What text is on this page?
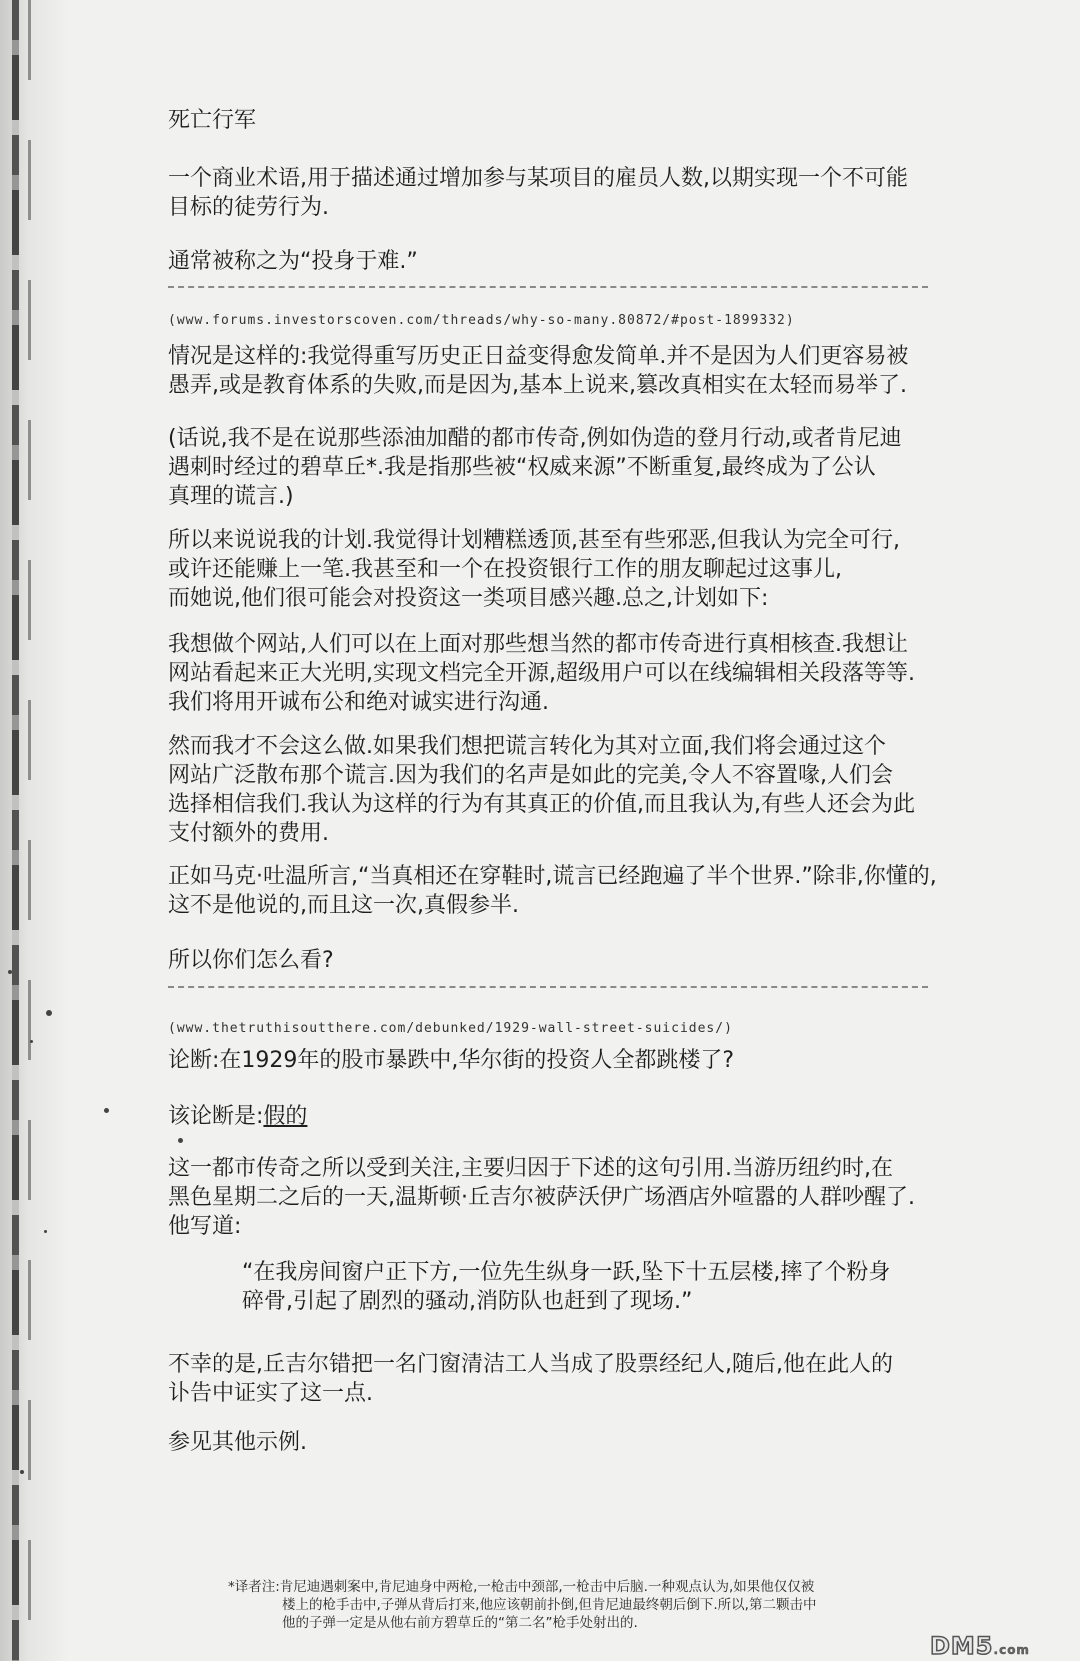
死亡行军
一个商业术语,用于描述通过增加参与某项目的雇员人数,以期实现一个不可能
目标的徒劳行为.
通常被称之为“投身于难.”
(www.forums.investorscoven.com/threads/why-so-many.80872/#post-1899332)
情况是这样的:我觉得重写历史正日益变得愈发简单.并不是因为人们更容易被
愚弄,或是教育体系的失败,而是因为,基本上说来,篡改真相实在太轻而易举了.
(话说,我不是在说那些添油加醋的都市传奇,例如伪造的登月行动,或者肯尼迪
遇刺时经过的碧草丘*.我是指那些被“权威来源”不断重复,最终成为了公认
真理的谎言.)
所以来说说我的计划.我觉得计划糟糕透顶,甚至有些邪恶,但我认为完全可行,
或许还能赚上一笔.我甚至和一个在投资银行工作的朋友聊起过这事儿,
而她说,他们很可能会对投资这一类项目感兴趣.总之,计划如下:
我想做个网站,人们可以在上面对那些想当然的都市传奇进行真相核查.我想让
网站看起来正大光明,实现文档完全开源,超级用户可以在线编辑相关段落等等.
我们将用开诚布公和绝对诚实进行沟通.
然而我才不会这么做.如果我们想把谎言转化为其对立面,我们将会通过这个
网站广泛散布那个谎言.因为我们的名声是如此的完美,令人不容置喙,人们会
选择相信我们.我认为这样的行为有其真正的价值,而且我认为,有些人还会为此
支付额外的费用.
正如马克·吐温所言,“当真相还在穿鞋时,谎言已经跑遍了半个世界.”除非,你懂的,
这不是他说的,而且这一次,真假参半.
所以你们怎么看?
(www.thetruthisoutthere.com/debunked/1929-wall-street-suicides/)
论断:在1929年的股市暴跌中,华尔街的投资人全都跳楼了?
该论断是:假的
这一都市传奇之所以受到关注,主要归因于下述的这句引用.当游历纽约时,在
黑色星期二之后的一天,温斯顿·丘吉尔被萨沃伊广场酒店外喧嚣的人群吵醒了.
他写道:
“在我房间窗户正下方,一位先生纵身一跃,坠下十五层楼,摔了个粉身
碎骨,引起了剧烈的骚动,消防队也赶到了现场.”
不幸的是,丘吉尔错把一名门窗清洁工人当成了股票经纪人,随后,他在此人的
讣告中证实了这一点.
参见其他示例.
*译者注:肯尼迪遇刺案中,肯尼迪身中两枪,一枪击中颈部,一枪击中后脑.一种观点认为,如果他仅仅被
楼上的枪手击中,子弹从背后打来,他应该朝前扑倒,但肯尼迪最终朝后倒下.所以,第二颗击中
他的子弹一定是从他右前方碧草丘的“第二名”枪手处射出的.
DM5.com
